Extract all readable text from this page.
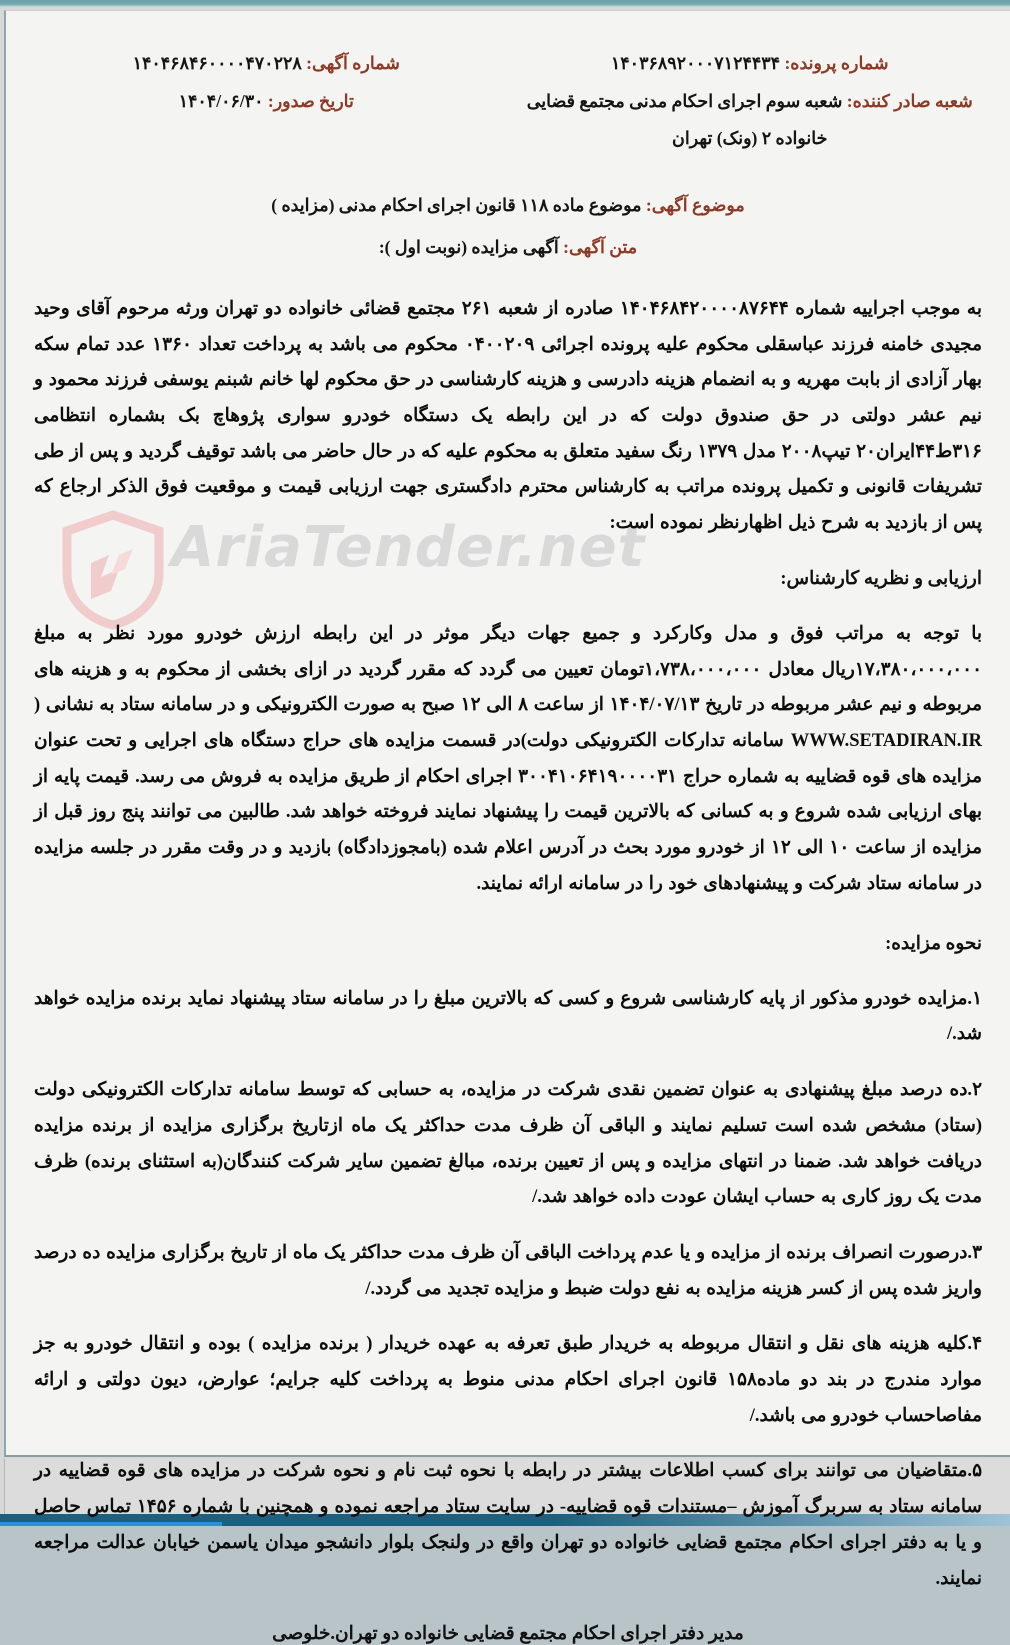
AriaTender.net
شماره پرونده: ۱۴۰۳۶۸۹۲۰۰۰۷۱۲۴۴۳۴
شعبه صادر کننده: شعبه سوم اجرای احکام مدنی مجتمع قضایی خانواده ۲ (ونک) تهران
شماره آگهی: ۱۴۰۴۶۸۴۶۰۰۰۰۴۷۰۲۲۸
تاریخ صدور: ۱۴۰۴/۰۶/۳۰
موضوع آگهی: موضوع ماده ۱۱۸ قانون اجرای احکام مدنی (مزایده )
متن آگهی: آگهی مزایده (نوبت اول ):

به موجب اجراییه شماره ۱۴۰۴۶۸۴۲۰۰۰۰۸۷۶۴۴ صادره از شعبه ۲۶۱ مجتمع قضائی خانواده دو تهران ورثه مرحوم آقای وحید مجیدی خامنه فرزند عباسقلی محکوم علیه پرونده اجرائی ۰۴۰۰۲۰۹ محکوم می باشد به پرداخت تعداد ۱۳۶۰ عدد تمام سکه بهار آزادی از بابت مهریه و به انضمام هزینه دادرسی و هزینه کارشناسی در حق محکوم لها خانم شبنم یوسفی فرزند محمود و نیم عشر دولتی در حق صندوق دولت که در این رابطه یک دستگاه خودرو سواری پژوهاچ بک بشماره انتظامی ۳۱۶ط۴۴ایران۲۰ تیپ۲۰۰۸ مدل ۱۳۷۹ رنگ سفید متعلق به محکوم علیه که در حال حاضر می باشد توقیف گردید و پس از طی تشریفات قانونی و تکمیل پرونده مراتب به کارشناس محترم دادگستری جهت ارزیابی قیمت و موقعیت فوق الذکر ارجاع که پس از بازدید به شرح ذیل اظهارنظر نموده است:

ارزیابی و نظریه کارشناس:

با توجه به مراتب فوق و مدل وکارکرد و جمیع جهات دیگر موثر در این رابطه ارزش خودرو مورد نظر به مبلغ ۱۷،۳۸۰،۰۰۰،۰۰۰ریال معادل ۱،۷۳۸،۰۰۰،۰۰۰تومان تعیین می گردد که مقرر گردید در ازای بخشی از محکوم به و هزینه های مربوطه و نیم عشر مربوطه در تاریخ ۱۴۰۴/۰۷/۱۳ از ساعت ۸ الی ۱۲ صبح به صورت الکترونیکی و در سامانه ستاد به نشانی ( WWW.SETADIRAN.IR سامانه تدارکات الکترونیکی دولت)در قسمت مزایده های حراج دستگاه های اجرایی و تحت عنوان مزایده های قوه قضاییه به شماره حراج ۳۰۰۴۱۰۶۴۱۹۰۰۰۰۳۱ اجرای احکام از طریق مزایده به فروش می رسد. قیمت پایه از بهای ارزیابی شده شروع و به کسانی که بالاترین قیمت را پیشنهاد نمایند فروخته خواهد شد. طالبین می توانند پنج روز قبل از مزایده از ساعت ۱۰ الی ۱۲ از خودرو مورد بحث در آدرس اعلام شده (بامجوزدادگاه) بازدید و در وقت مقرر در جلسه مزایده در سامانه ستاد شرکت و پیشنهادهای خود را در سامانه ارائه نمایند.

نحوه مزایده:

۱.مزایده خودرو مذکور از پایه کارشناسی شروع و کسی که بالاترین مبلغ را در سامانه ستاد پیشنهاد نماید برنده مزایده خواهد شد./

۲.ده درصد مبلغ پیشنهادی به عنوان تضمین نقدی شرکت در مزایده، به حسابی که توسط سامانه تدارکات الکترونیکی دولت (ستاد) مشخص شده است تسلیم نمایند و الباقی آن ظرف مدت حداکثر یک ماه ازتاریخ برگزاری مزایده از برنده مزایده دریافت خواهد شد. ضمنا در انتهای مزایده و پس از تعیین برنده، مبالغ تضمین سایر شرکت کنندگان(به استثنای برنده) ظرف مدت یک روز کاری به حساب ایشان عودت داده خواهد شد./

۳.درصورت انصراف برنده از مزایده و یا عدم پرداخت الباقی آن ظرف مدت حداکثر یک ماه از تاریخ برگزاری مزایده ده درصد واریز شده پس از کسر هزینه مزایده به نفع دولت ضبط و مزایده تجدید می گردد./

۴.کلیه هزینه های نقل و انتقال مربوطه به خریدار طبق تعرفه به عهده خریدار ( برنده مزایده ) بوده و انتقال خودرو به جز موارد مندرج در بند دو ماده۱۵۸ قانون اجرای احکام مدنی منوط به پرداخت کلیه جرایم؛ عوارض، دیون دولتی و ارائه مفاصاحساب خودرو می باشد./

۵.متقاضیان می توانند برای کسب اطلاعات بیشتر در رابطه با نحوه ثبت نام و نحوه شرکت در مزایده های قوه قضاییه در سامانه ستاد به سربرگ آموزش –مستندات قوه قضاییه- در سایت ستاد مراجعه نموده و همچنین با شماره ۱۴۵۶ تماس حاصل و یا به دفتر اجرای احکام مجتمع قضایی خانواده دو تهران واقع در ولنجک بلوار دانشجو میدان یاسمن خیابان عدالت مراجعه نمایند.

مدیر دفتر اجرای احکام مجتمع قضایی خانواده دو تهران.خلوصی
